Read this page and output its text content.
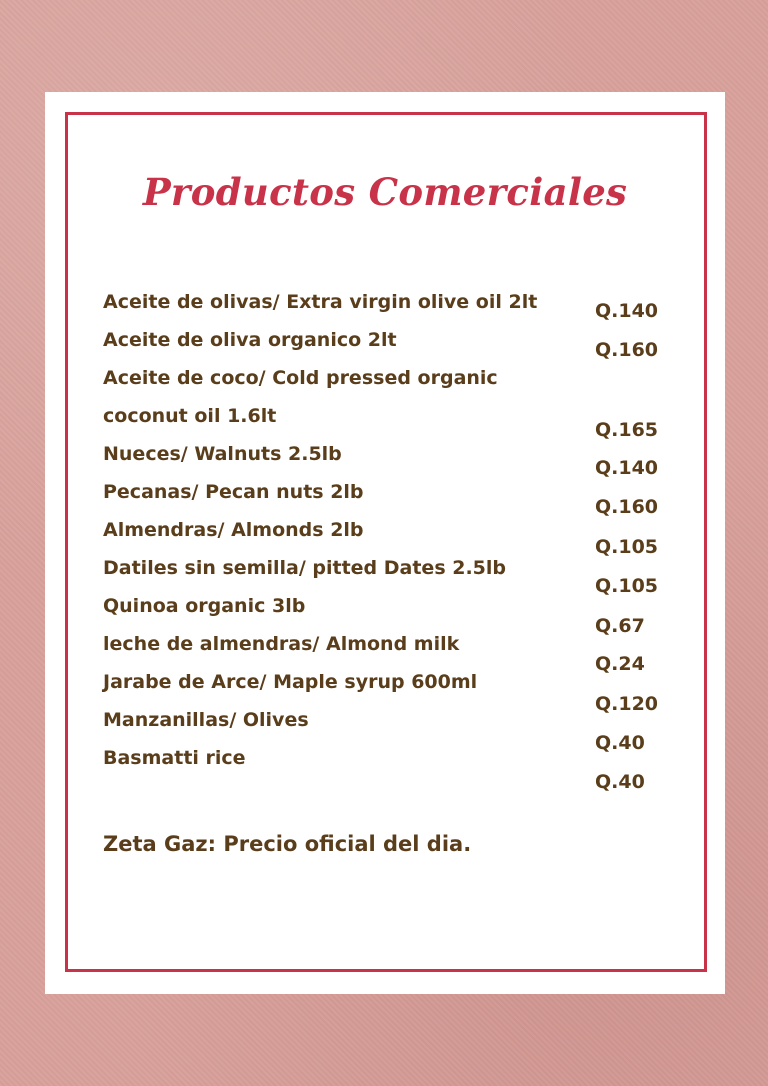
Productos Comerciales
Aceite de olivas/ Extra virgin olive oil 2lt
Aceite de oliva organico 2lt
Aceite de coco/ Cold pressed organic
coconut oil 1.6lt
Nueces/ Walnuts 2.5lb
Pecanas/ Pecan nuts 2lb
Almendras/ Almonds 2lb
Datiles sin semilla/ pitted Dates 2.5lb
Quinoa organic 3lb
leche de almendras/ Almond milk
Jarabe de Arce/ Maple syrup 600ml
Manzanillas/ Olives
Basmatti rice
Q.140
Q.160
Q.165
Q.140
Q.160
Q.105
Q.105
Q.67
Q.24
Q.120
Q.40
Q.40
Zeta Gaz: Precio oficial del dia.
